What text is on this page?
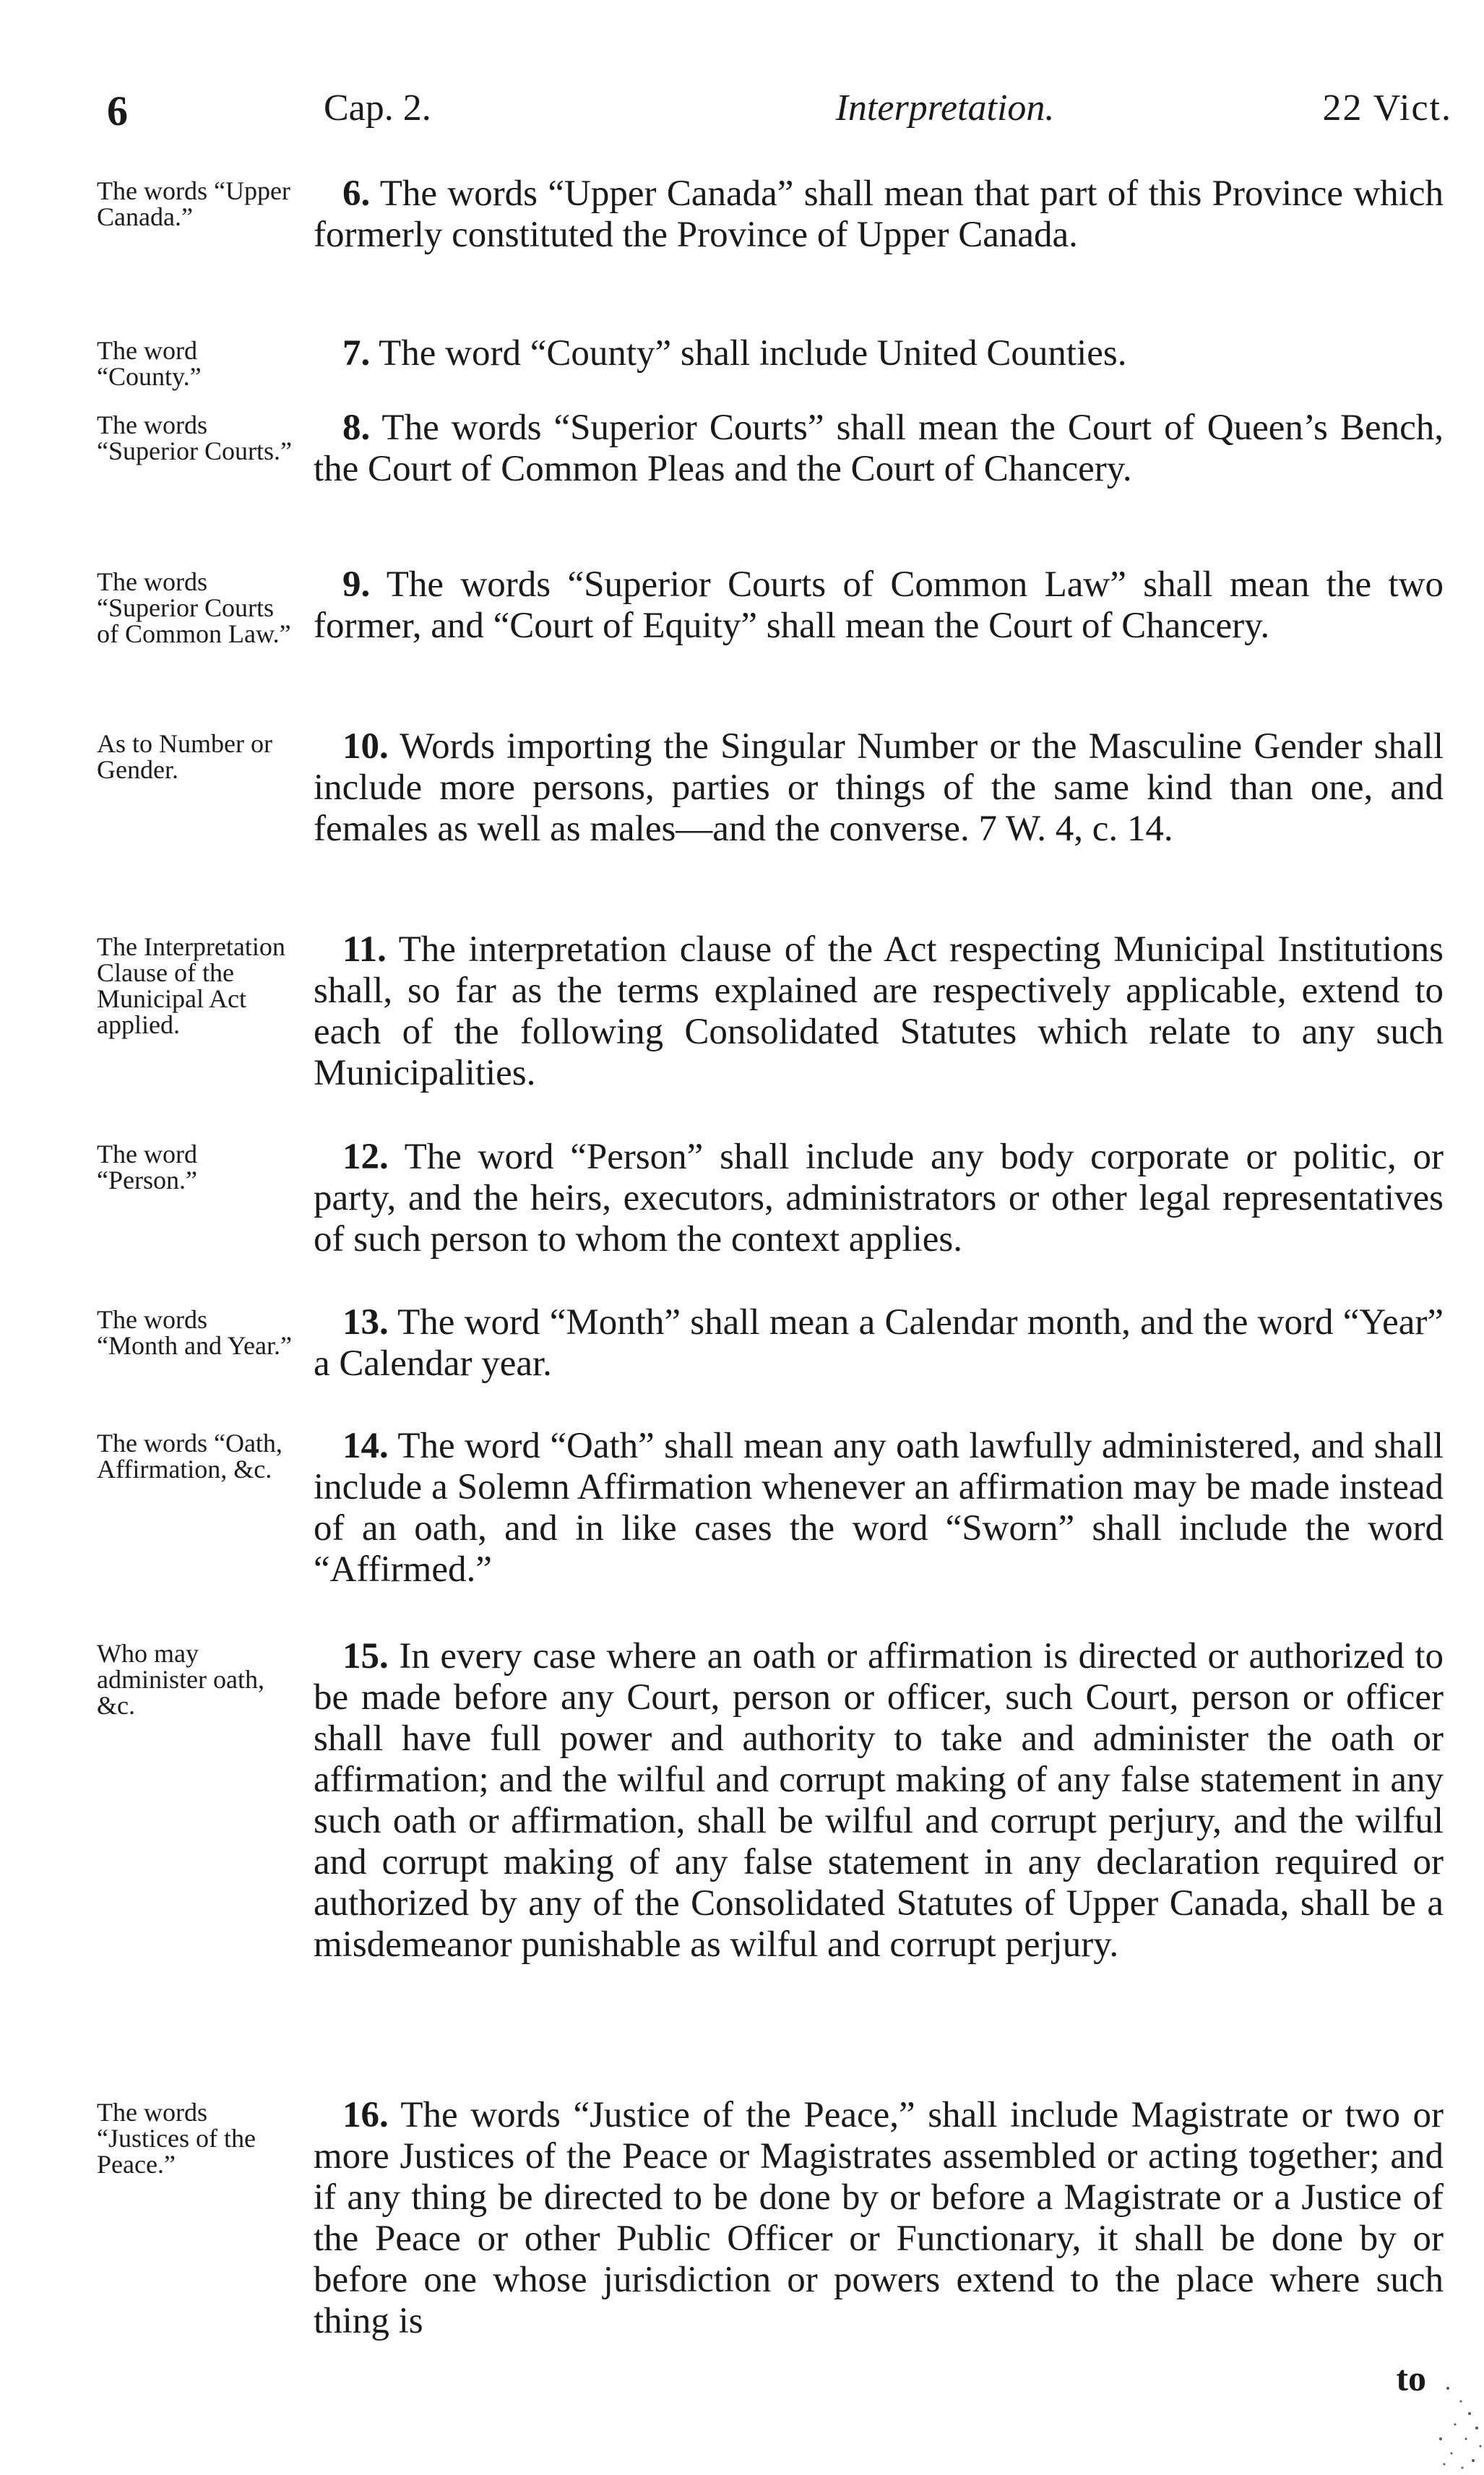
6	Cap. 2.	Interpretation.	22 Vict.
The words “Upper Canada.”
6. The words “Upper Canada” shall mean that part of this Province which formerly constituted the Province of Upper Canada.
The word “County.”
7. The word “County” shall include United Counties.
The words “Superior Courts.”
8. The words “Superior Courts” shall mean the Court of Queen’s Bench, the Court of Common Pleas and the Court of Chancery.
The words “Superior Courts of Common Law.”
9. The words “Superior Courts of Common Law” shall mean the two former, and “Court of Equity” shall mean the Court of Chancery.
As to Number or Gender.
10. Words importing the Singular Number or the Masculine Gender shall include more persons, parties or things of the same kind than one, and females as well as males—and the converse. 7 W. 4, c. 14.
The Interpretation Clause of the Municipal Act applied.
11. The interpretation clause of the Act respecting Municipal Institutions shall, so far as the terms explained are respectively applicable, extend to each of the following Consolidated Statutes which relate to any such Municipalities.
The word “Person.”
12. The word “Person” shall include any body corporate or politic, or party, and the heirs, executors, administrators or other legal representatives of such person to whom the context applies.
The words “Month and Year.”
13. The word “Month” shall mean a Calendar month, and the word “Year” a Calendar year.
The words “Oath, Affirmation, &c.
14. The word “Oath” shall mean any oath lawfully administered, and shall include a Solemn Affirmation whenever an affirmation may be made instead of an oath, and in like cases the word “Sworn” shall include the word “Affirmed.”
Who may administer oath, &c.
15. In every case where an oath or affirmation is directed or authorized to be made before any Court, person or officer, such Court, person or officer shall have full power and authority to take and administer the oath or affirmation; and the wilful and corrupt making of any false statement in any such oath or affirmation, shall be wilful and corrupt perjury, and the wilful and corrupt making of any false statement in any declaration required or authorized by any of the Consolidated Statutes of Upper Canada, shall be a misdemeanor punishable as wilful and corrupt perjury.
The words “Justices of the Peace.”
16. The words “Justice of the Peace,” shall include Magistrate or two or more Justices of the Peace or Magistrates assembled or acting together; and if any thing be directed to be done by or before a Magistrate or a Justice of the Peace or other Public Officer or Functionary, it shall be done by or before one whose jurisdiction or powers extend to the place where such thing is
to
